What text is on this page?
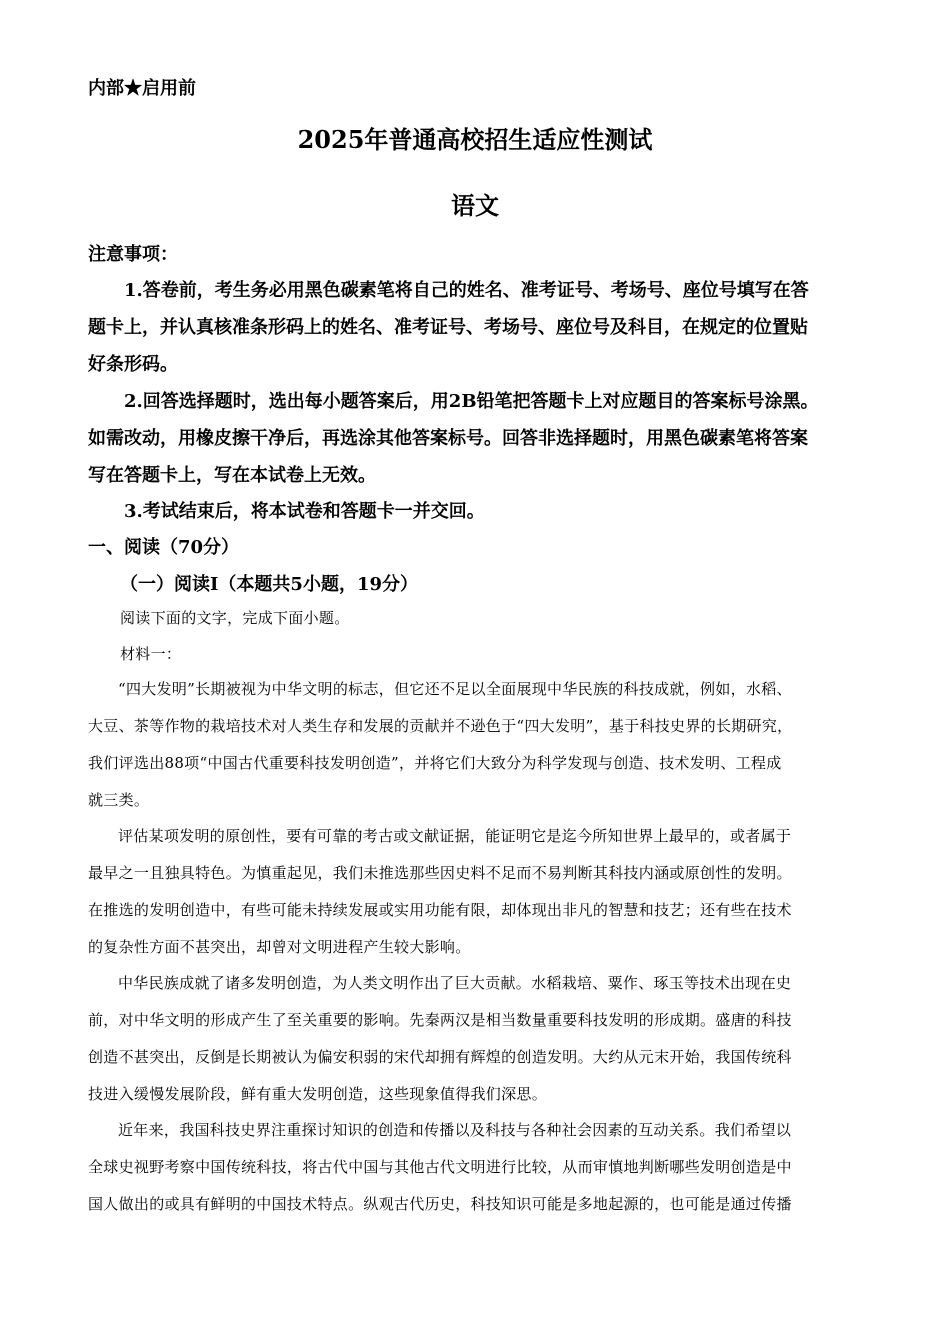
内部★启用前
2025年普通高校招生适应性测试
语文
注意事项：
1.答卷前，考生务必用黑色碳素笔将自己的姓名、准考证号、考场号、座位号填写在答
题卡上，并认真核准条形码上的姓名、准考证号、考场号、座位号及科目，在规定的位置贴
好条形码。
2.回答选择题时，选出每小题答案后，用2B铅笔把答题卡上对应题目的答案标号涂黑。
如需改动，用橡皮擦干净后，再选涂其他答案标号。回答非选择题时，用黑色碳素笔将答案
写在答题卡上，写在本试卷上无效。
3.考试结束后，将本试卷和答题卡一并交回。
一、阅读（70分）
（一）阅读Ⅰ（本题共5小题，19分）
阅读下面的文字，完成下面小题。
材料一：
“四大发明”长期被视为中华文明的标志，但它还不足以全面展现中华民族的科技成就，例如，水稻、
大豆、茶等作物的栽培技术对人类生存和发展的贡献并不逊色于“四大发明”，基于科技史界的长期研究，
我们评选出88项“中国古代重要科技发明创造”，并将它们大致分为科学发现与创造、技术发明、工程成
就三类。
评估某项发明的原创性，要有可靠的考古或文献证据，能证明它是迄今所知世界上最早的，或者属于
最早之一且独具特色。为慎重起见，我们未推选那些因史料不足而不易判断其科技内涵或原创性的发明。
在推选的发明创造中，有些可能未持续发展或实用功能有限，却体现出非凡的智慧和技艺；还有些在技术
的复杂性方面不甚突出，却曾对文明进程产生较大影响。
中华民族成就了诸多发明创造，为人类文明作出了巨大贡献。水稻栽培、粟作、琢玉等技术出现在史
前，对中华文明的形成产生了至关重要的影响。先秦两汉是相当数量重要科技发明的形成期。盛唐的科技
创造不甚突出，反倒是长期被认为偏安积弱的宋代却拥有辉煌的创造发明。大约从元末开始，我国传统科
技进入缓慢发展阶段，鲜有重大发明创造，这些现象值得我们深思。
近年来，我国科技史界注重探讨知识的创造和传播以及科技与各种社会因素的互动关系。我们希望以
全球史视野考察中国传统科技，将古代中国与其他古代文明进行比较，从而审慎地判断哪些发明创造是中
国人做出的或具有鲜明的中国技术特点。纵观古代历史，科技知识可能是多地起源的，也可能是通过传播
